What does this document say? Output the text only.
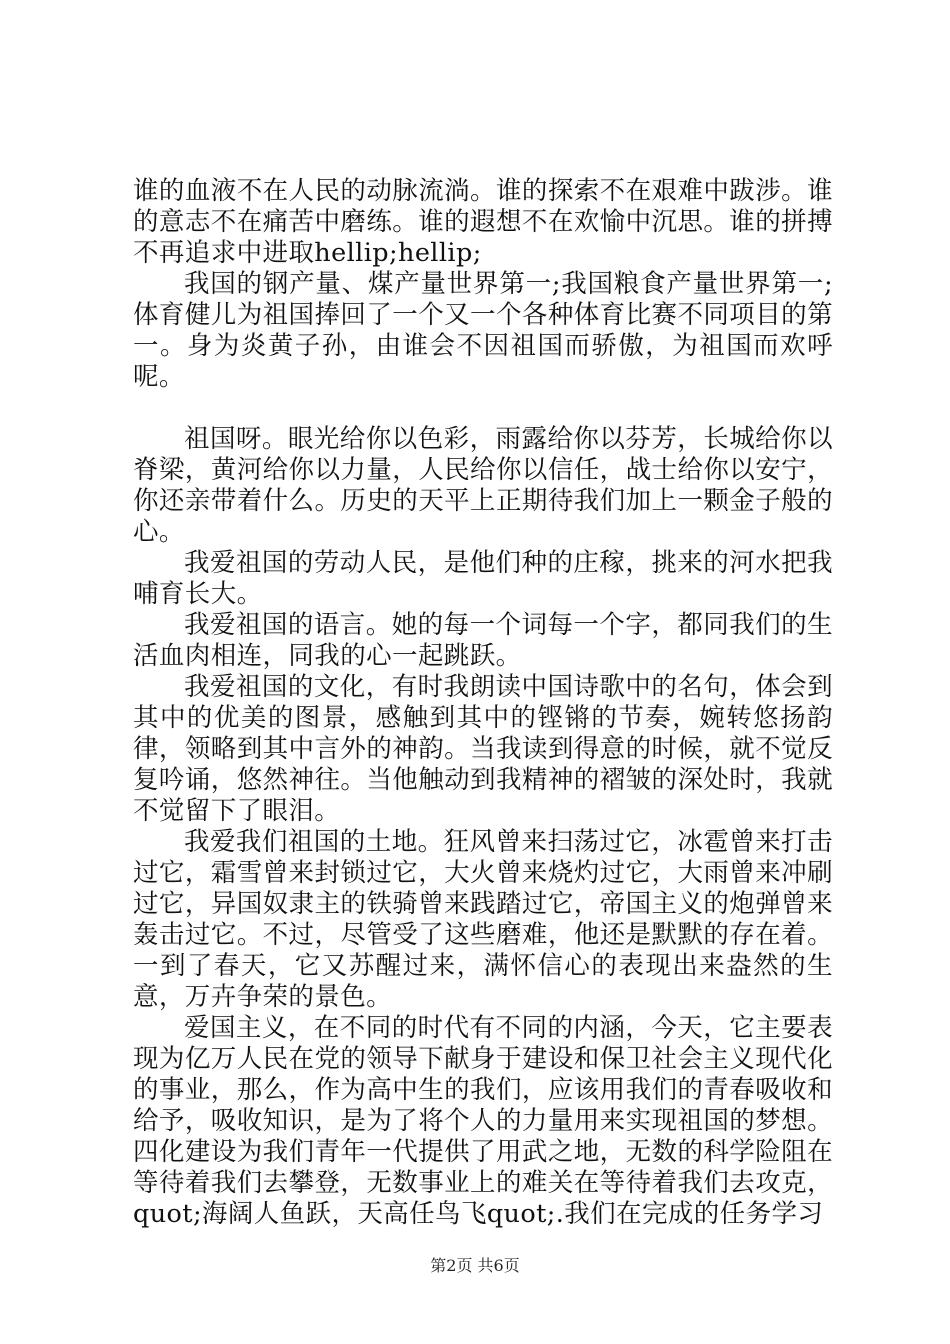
谁的血液不在人民的动脉流淌。谁的探索不在艰难中跋涉。谁的意志不在痛苦中磨练。谁的遐想不在欢愉中沉思。谁的拼搏不再追求中进取hellip;hellip;

我国的钢产量、煤产量世界第一;我国粮食产量世界第一;体育健儿为祖国捧回了一个又一个各种体育比赛不同项目的第一。身为炎黄子孙，由谁会不因祖国而骄傲，为祖国而欢呼呢。

祖国呀。眼光给你以色彩，雨露给你以芬芳，长城给你以脊梁，黄河给你以力量，人民给你以信任，战士给你以安宁，你还亲带着什么。历史的天平上正期待我们加上一颗金子般的心。

我爱祖国的劳动人民，是他们种的庄稼，挑来的河水把我哺育长大。

我爱祖国的语言。她的每一个词每一个字，都同我们的生活血肉相连，同我的心一起跳跃。

我爱祖国的文化，有时我朗读中国诗歌中的名句，体会到其中的优美的图景，感触到其中的铿锵的节奏，婉转悠扬韵律，领略到其中言外的神韵。当我读到得意的时候，就不觉反复吟诵，悠然神往。当他触动到我精神的褶皱的深处时，我就不觉留下了眼泪。

我爱我们祖国的土地。狂风曾来扫荡过它，冰雹曾来打击过它，霜雪曾来封锁过它，大火曾来烧灼过它，大雨曾来冲刷过它，异国奴隶主的铁骑曾来践踏过它，帝国主义的炮弹曾来轰击过它。不过，尽管受了这些磨难，他还是默默的存在着。一到了春天，它又苏醒过来，满怀信心的表现出来盎然的生意，万卉争荣的景色。

爱国主义，在不同的时代有不同的内涵，今天，它主要表现为亿万人民在党的领导下献身于建设和保卫社会主义现代化的事业，那么，作为高中生的我们，应该用我们的青春吸收和给予，吸收知识，是为了将个人的力量用来实现祖国的梦想。四化建设为我们青年一代提供了用武之地，无数的科学险阻在等待着我们去攀登，无数事业上的难关在等待着我们去攻克，quot;海阔人鱼跃，天高任鸟飞quot;.我们在完成的任务学习

第2页 共6页
